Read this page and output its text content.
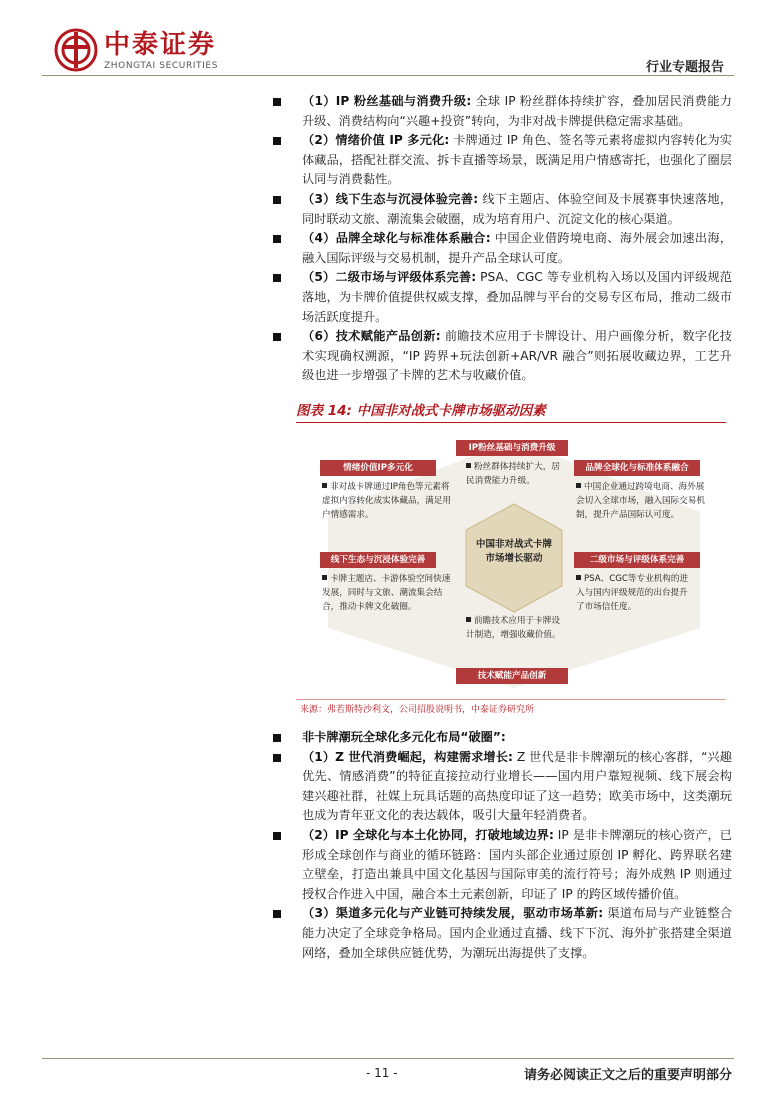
中泰证券
ZHONGTAI SECURITIES	行业专题报告
（1）IP 粉丝基础与消费升级: 全球 IP 粉丝群体持续扩容，叠加居民消费能力升级、消费结构向“兴趣+投资”转向，为非对战卡牌提供稳定需求基础。
（2）情绪价值 IP 多元化: 卡牌通过 IP 角色、签名等元素将虚拟内容转化为实体藏品，搭配社群交流、拆卡直播等场景，既满足用户情感寄托，也强化了圈层认同与消费黏性。
（3）线下生态与沉浸体验完善: 线下主题店、体验空间及卡展赛事快速落地，同时联动文旅、潮流集会破圈，成为培育用户、沉淀文化的核心渠道。
（4）品牌全球化与标准体系融合: 中国企业借跨境电商、海外展会加速出海，融入国际评级与交易机制，提升产品全球认可度。
（5）二级市场与评级体系完善: PSA、CGC 等专业机构入场以及国内评级规范落地，为卡牌价值提供权威支撑，叠加品牌与平台的交易专区布局，推动二级市场活跃度提升。
（6）技术赋能产品创新: 前瞻技术应用于卡牌设计、用户画像分析，数字化技术实现确权溯源，“IP 跨界+玩法创新+AR/VR 融合”则拓展收藏边界，工艺升级也进一步增强了卡牌的艺术与收藏价值。
图表 14: 中国非对战式卡牌市场驱动因素
IP粉丝基础与消费升级
粉丝群体持续扩大，居民消费能力升级。
情绪价值IP多元化
非对战卡牌通过IP角色等元素将虚拟内容转化成实体藏品，满足用户情感需求。
品牌全球化与标准体系融合
中国企业通过跨境电商、海外展会切入全球市场，融入国际交易机制，提升产品国际认可度。
线下生态与沉浸体验完善
卡牌主题店、卡游体验空间快速发展，同时与文旅、潮流集会结合，推动卡牌文化破圈。
二级市场与评级体系完善
PSA、CGC等专业机构的进入与国内评级规范的出台提升了市场信任度。
前瞻技术应用于卡牌设计制造，增强收藏价值。
技术赋能产品创新
中国非对战式卡牌市场增长驱动
来源：弗若斯特沙利文，公司招股说明书，中泰证券研究所
非卡牌潮玩全球化多元化布局“破圈”:
（1）Z 世代消费崛起，构建需求增长: Z 世代是非卡牌潮玩的核心客群，“兴趣优先、情感消费”的特征直接拉动行业增长——国内用户靠短视频、线下展会构建兴趣社群，社媒上玩具话题的高热度印证了这一趋势；欧美市场中，这类潮玩也成为青年亚文化的表达载体，吸引大量年轻消费者。
（2）IP 全球化与本土化协同，打破地域边界: IP 是非卡牌潮玩的核心资产，已形成全球创作与商业的循环链路：国内头部企业通过原创 IP 孵化、跨界联名建立壁垒，打造出兼具中国文化基因与国际审美的流行符号；海外成熟 IP 则通过授权合作进入中国，融合本土元素创新，印证了 IP 的跨区域传播价值。
（3）渠道多元化与产业链可持续发展，驱动市场革新: 渠道布局与产业链整合能力决定了全球竞争格局。国内企业通过直播、线下下沉、海外扩张搭建全渠道网络，叠加全球供应链优势，为潮玩出海提供了支撑。
- 11 -	请务必阅读正文之后的重要声明部分
